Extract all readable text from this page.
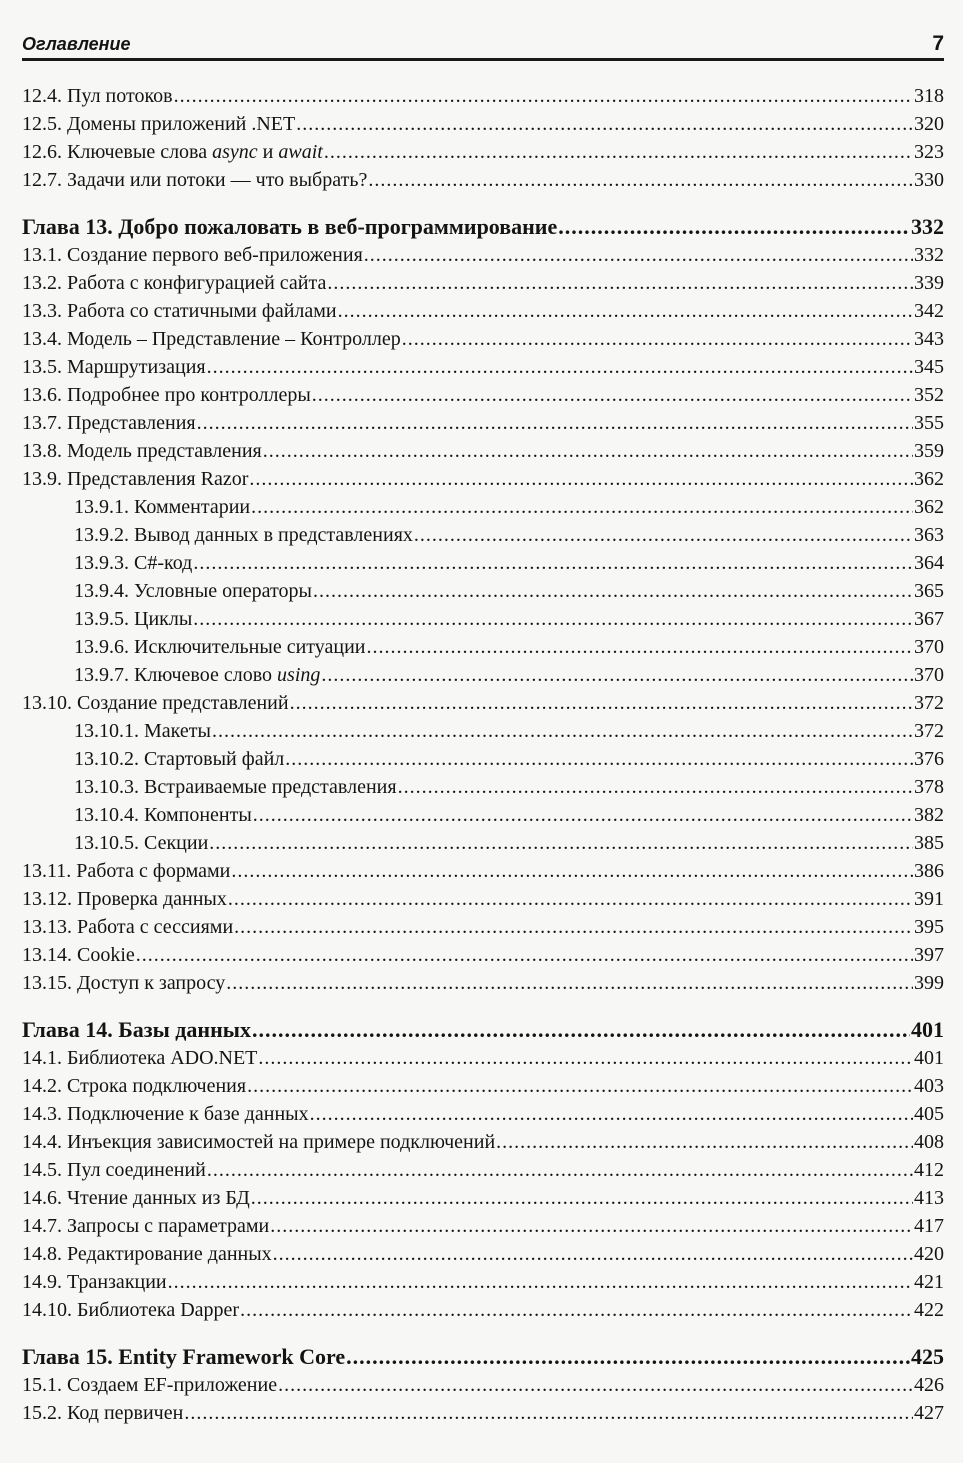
Оглавление	7
12.4. Пул потоков .....	318
12.5. Домены приложений .NET .....	320
12.6. Ключевые слова async и await .....	323
12.7. Задачи или потоки — что выбрать? .....	330
Глава 13. Добро пожаловать в веб-программирование .....	332
13.1. Создание первого веб-приложения .....	332
13.2. Работа с конфигурацией сайта .....	339
13.3. Работа со статичными файлами .....	342
13.4. Модель – Представление – Контроллер .....	343
13.5. Маршрутизация .....	345
13.6. Подробнее про контроллеры .....	352
13.7. Представления .....	355
13.8. Модель представления .....	359
13.9. Представления Razor .....	362
13.9.1. Комментарии .....	362
13.9.2. Вывод данных в представлениях .....	363
13.9.3. C#-код .....	364
13.9.4. Условные операторы .....	365
13.9.5. Циклы .....	367
13.9.6. Исключительные ситуации .....	370
13.9.7. Ключевое слово using .....	370
13.10. Создание представлений .....	372
13.10.1. Макеты .....	372
13.10.2. Стартовый файл .....	376
13.10.3. Встраиваемые представления .....	378
13.10.4. Компоненты .....	382
13.10.5. Секции .....	385
13.11. Работа с формами .....	386
13.12. Проверка данных .....	391
13.13. Работа с сессиями .....	395
13.14. Cookie .....	397
13.15. Доступ к запросу .....	399
Глава 14. Базы данных .....	401
14.1. Библиотека ADO.NET .....	401
14.2. Строка подключения .....	403
14.3. Подключение к базе данных .....	405
14.4. Инъекция зависимостей на примере подключений .....	408
14.5. Пул соединений .....	412
14.6. Чтение данных из БД .....	413
14.7. Запросы с параметрами .....	417
14.8. Редактирование данных .....	420
14.9. Транзакции .....	421
14.10. Библиотека Dapper .....	422
Глава 15. Entity Framework Core .....	425
15.1. Создаем EF-приложение .....	426
15.2. Код первичен .....	427
